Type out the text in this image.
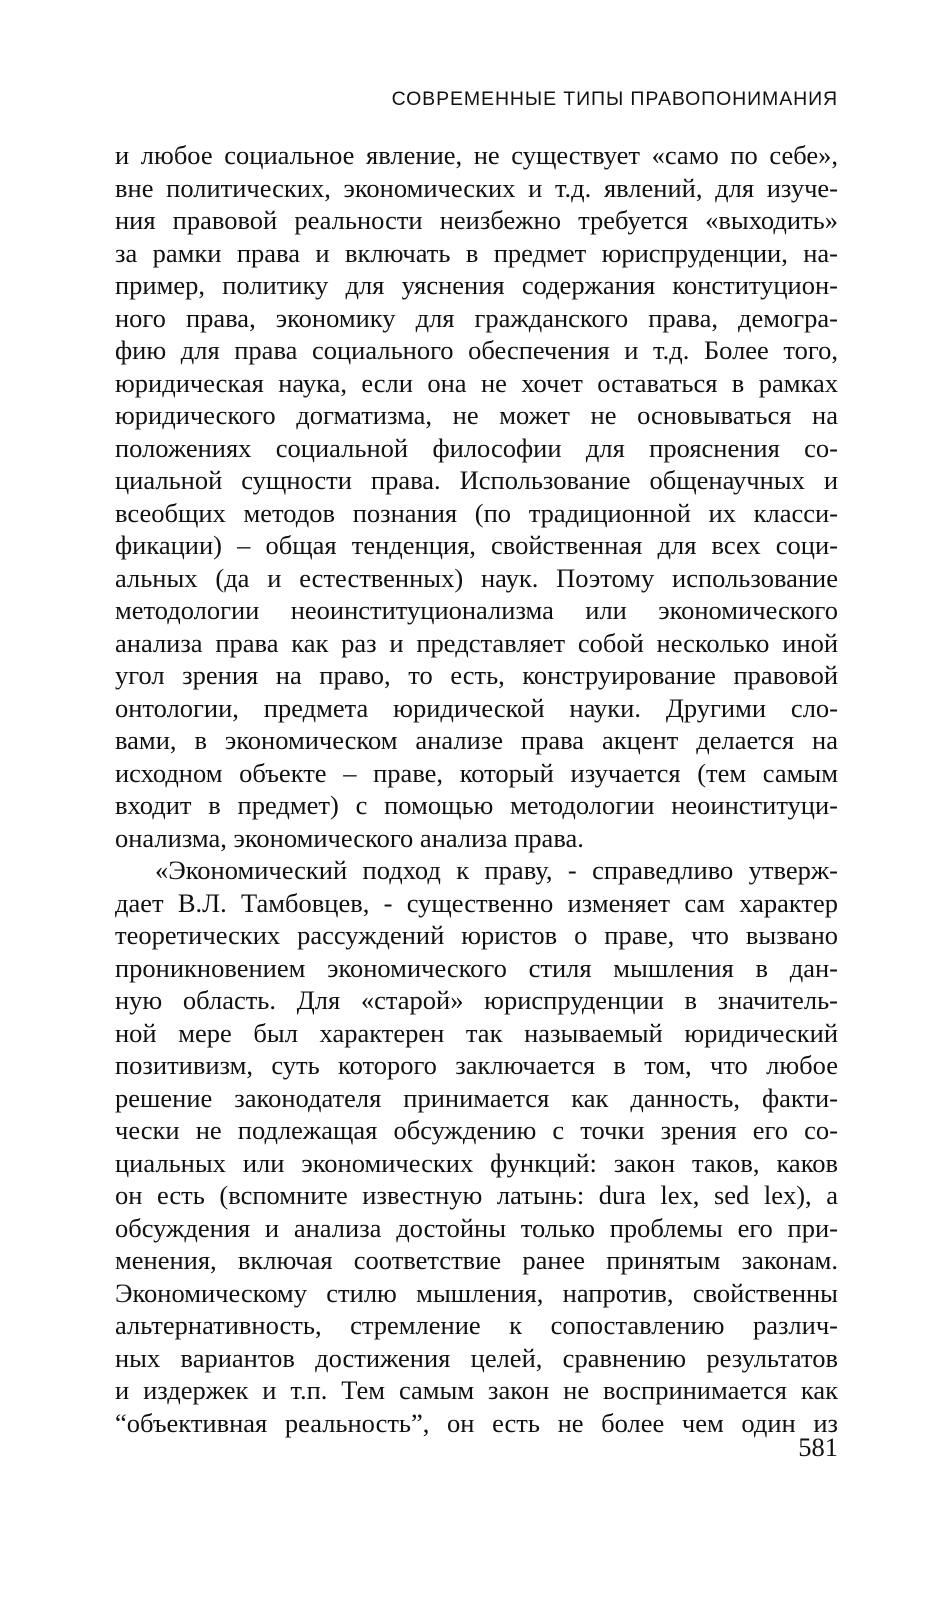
СОВРЕМЕННЫЕ ТИПЫ ПРАВОПОНИМАНИЯ
и любое социальное явление, не существует «само по себе»,
вне политических, экономических и т.д. явлений, для изуче-
ния правовой реальности неизбежно требуется «выходить»
за рамки права и включать в предмет юриспруденции, на-
пример, политику для уяснения содержания конституцион-
ного права, экономику для гражданского права, демогра-
фию для права социального обеспечения и т.д. Более того,
юридическая наука, если она не хочет оставаться в рамках
юридического догматизма, не может не основываться на
положениях социальной философии для прояснения со-
циальной сущности права. Использование общенаучных и
всеобщих методов познания (по традиционной их класси-
фикации) – общая тенденция, свойственная для всех соци-
альных (да и естественных) наук. Поэтому использование
методологии неоинституционализма или экономического
анализа права как раз и представляет собой несколько иной
угол зрения на право, то есть, конструирование правовой
онтологии, предмета юридической науки. Другими сло-
вами, в экономическом анализе права акцент делается на
исходном объекте – праве, который изучается (тем самым
входит в предмет) с помощью методологии неоинституци-
онализма, экономического анализа права.
«Экономический подход к праву, - справедливо утверж-
дает В.Л. Тамбовцев, - существенно изменяет сам характер
теоретических рассуждений юристов о праве, что вызвано
проникновением экономического стиля мышления в дан-
ную область. Для «старой» юриспруденции в значитель-
ной мере был характерен так называемый юридический
позитивизм, суть которого заключается в том, что любое
решение законодателя принимается как данность, факти-
чески не подлежащая обсуждению с точки зрения его со-
циальных или экономических функций: закон таков, каков
он есть (вспомните известную латынь: dura lex, sed lex), а
обсуждения и анализа достойны только проблемы его при-
менения, включая соответствие ранее принятым законам.
Экономическому стилю мышления, напротив, свойственны
альтернативность, стремление к сопоставлению различ-
ных вариантов достижения целей, сравнению результатов
и издержек и т.п. Тем самым закон не воспринимается как
“объективная реальность”, он есть не более чем один из
581
